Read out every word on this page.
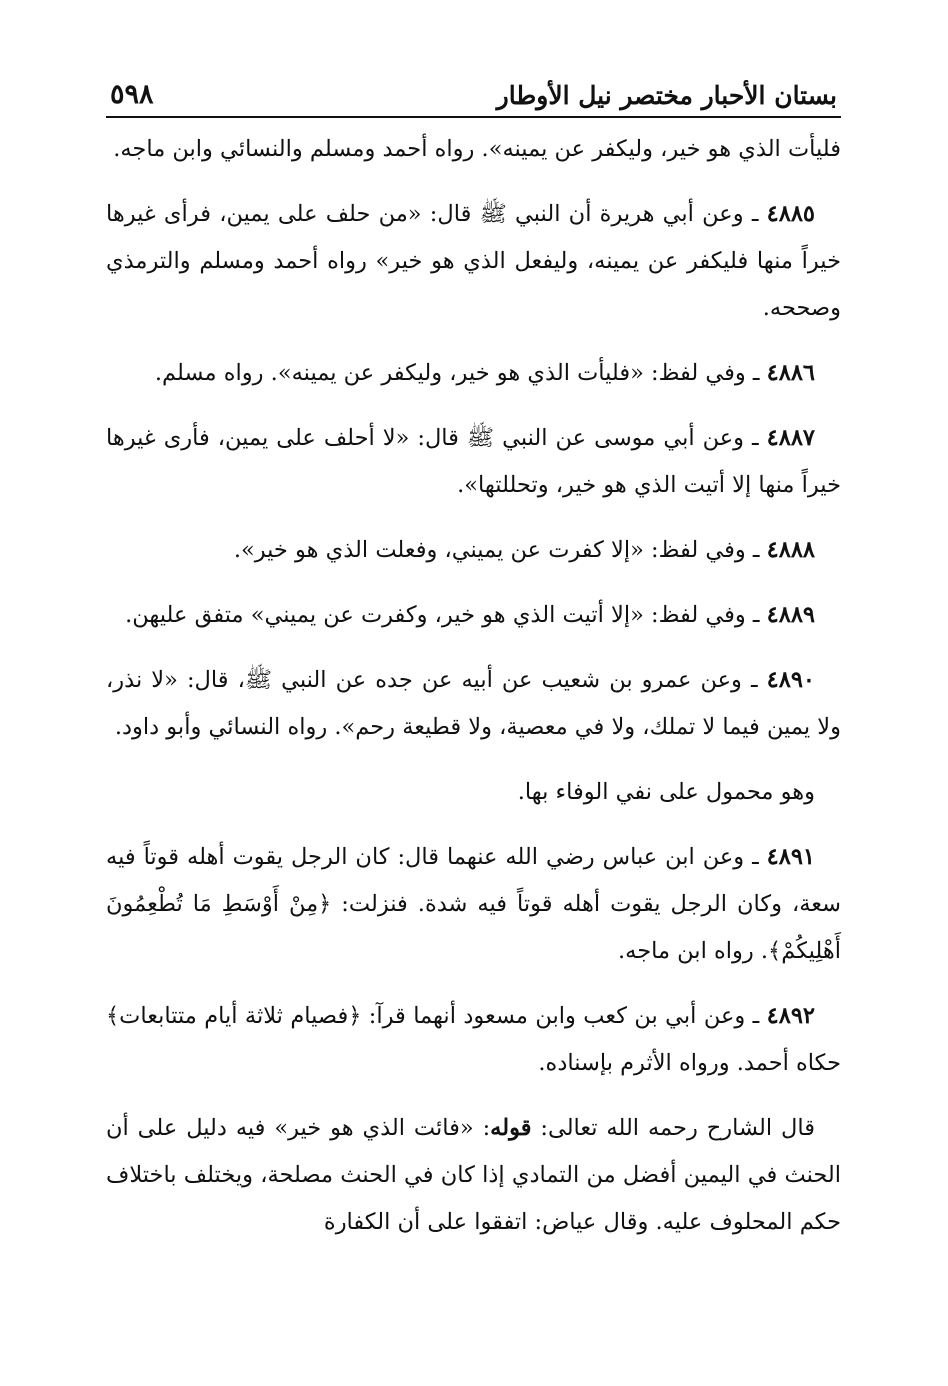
بستان الأحبار مختصر نيل الأوطار
٥٩٨

فليأت الذي هو خير، وليكفر عن يمينه». رواه أحمد ومسلم والنسائي وابن ماجه.

٤٨٨٥ ـ وعن أبي هريرة أن النبي ﷺ قال: «من حلف على يمين، فرأى غيرها خيراً منها فليكفر عن يمينه، وليفعل الذي هو خير» رواه أحمد ومسلم والترمذي وصححه.

٤٨٨٦ ـ وفي لفظ: «فليأت الذي هو خير، وليكفر عن يمينه». رواه مسلم.

٤٨٨٧ ـ وعن أبي موسى عن النبي ﷺ قال: «لا أحلف على يمين، فأرى غيرها خيراً منها إلا أتيت الذي هو خير، وتحللتها».

٤٨٨٨ ـ وفي لفظ: «إلا كفرت عن يميني، وفعلت الذي هو خير».

٤٨٨٩ ـ وفي لفظ: «إلا أتيت الذي هو خير، وكفرت عن يميني» متفق عليهن.

٤٨٩٠ ـ وعن عمرو بن شعيب عن أبيه عن جده عن النبي ﷺ، قال: «لا نذر، ولا يمين فيما لا تملك، ولا في معصية، ولا قطيعة رحم». رواه النسائي وأبو داود.

وهو محمول على نفي الوفاء بها.

٤٨٩١ ـ وعن ابن عباس رضي الله عنهما قال: كان الرجل يقوت أهله قوتاً فيه سعة، وكان الرجل يقوت أهله قوتاً فيه شدة. فنزلت: ﴿مِنْ أَوْسَطِ مَا تُطْعِمُونَ أَهْلِيكُمْ﴾. رواه ابن ماجه.

٤٨٩٢ ـ وعن أبي بن كعب وابن مسعود أنهما قرآ: ﴿فصيام ثلاثة أيام متتابعات﴾ حكاه أحمد. ورواه الأثرم بإسناده.

قال الشارح رحمه الله تعالى: قوله: «فائت الذي هو خير» فيه دليل على أن الحنث في اليمين أفضل من التمادي إذا كان في الحنث مصلحة، ويختلف باختلاف حكم المحلوف عليه. وقال عياض: اتفقوا على أن الكفارة
